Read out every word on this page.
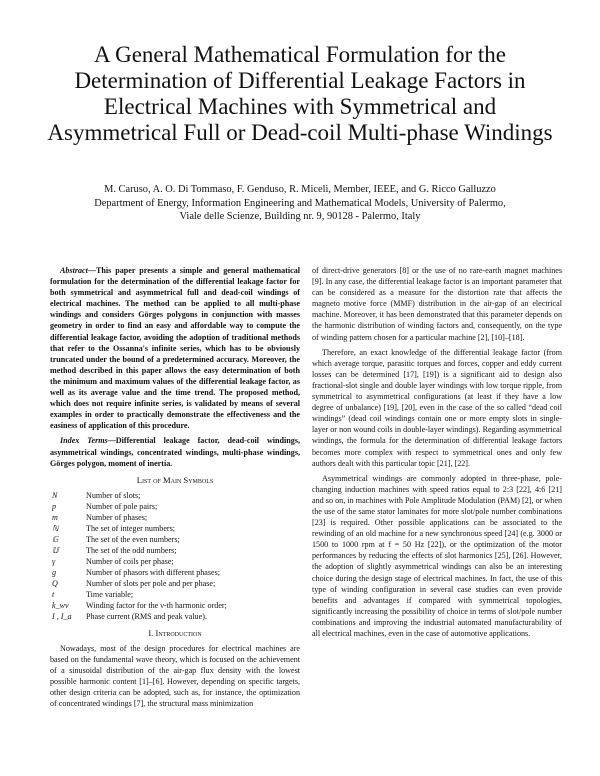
A General Mathematical Formulation for the Determination of Differential Leakage Factors in Electrical Machines with Symmetrical and Asymmetrical Full or Dead-coil Multi-phase Windings
M. Caruso, A. O. Di Tommaso, F. Genduso, R. Miceli, Member, IEEE, and G. Ricco Galluzzo
Department of Energy, Information Engineering and Mathematical Models, University of Palermo,
Viale delle Scienze, Building nr. 9, 90128 - Palermo, Italy

Abstract—This paper presents a simple and general mathematical formulation for the determination of the differential leakage factor for both symmetrical and asymmetrical full and dead-coil windings of electrical machines. The method can be applied to all multi-phase windings and considers Görges polygons in conjunction with masses geometry in order to find an easy and affordable way to compute the differential leakage factor, avoiding the adoption of traditional methods that refer to the Ossanna's infinite series, which has to be obviously truncated under the bound of a predetermined accuracy. Moreover, the method described in this paper allows the easy determination of both the minimum and maximum values of the differential leakage factor, as well as its average value and the time trend. The proposed method, which does not require infinite series, is validated by means of several examples in order to practically demonstrate the effectiveness and the easiness of application of this procedure.

Index Terms—Differential leakage factor, dead-coil windings, asymmetrical windings, concentrated windings, multi-phase windings, Görges polygon, moment of inertia.

List of Main Symbols
N	Number of slots;
p	Number of pole pairs;
m	Number of phases;
ℕ	The set of integer numbers;
𝔾	The set of the even numbers;
𝕌	The set of the odd numbers;
γ	Number of coils per phase;
g	Number of phasors with different phases;
Q	Number of slots per pole and per phase;
t	Time variable;
k_wν	Winding factor for the ν-th harmonic order;
I , I_a	Phase current (RMS and peak value).
I. Introduction

Nowadays, most of the design procedures for electrical machines are based on the fundamental wave theory, which is focused on the achievement of a sinusoidal distribution of the air-gap flux density with the lowest possible harmonic content [1]–[6]. However, depending on specific targets, other design criteria can be adopted, such as, for instance, the optimization of concentrated windings [7], the structural mass minimization

of direct-drive generators [8] or the use of no rare-earth magnet machines [9]. In any case, the differential leakage factor is an important parameter that can be considered as a measure for the distortion rate that affects the magneto motive force (MMF) distribution in the air-gap of an electrical machine. Moreover, it has been demonstrated that this parameter depends on the harmonic distribution of winding factors and, consequently, on the type of winding pattern chosen for a particular machine [2], [10]–[18].

Therefore, an exact knowledge of the differential leakage factor (from which average torque, parasitic torques and forces, copper and eddy current losses can be determined [17], [19]) is a significant aid to design also fractional-slot single and double layer windings with low torque ripple, from symmetrical to asymmetrical configurations (at least if they have a low degree of unbalance) [19], [20], even in the case of the so called “dead coil windings” (dead coil windings contain one or more empty slots in single-layer or non wound coils in double-layer windings). Regarding asymmetrical windings, the formula for the determination of differential leakage factors becomes more complex with respect to symmetrical ones and only few authors dealt with this particular topic [21], [22].

Asymmetrical windings are commonly adopted in three-phase, pole-changing induction machines with speed ratios equal to 2:3 [22], 4:6 [21] and so on, in machines with Pole Amplitude Modulation (PAM) [2], or when the use of the same stator laminates for more slot/pole number combinations [23] is required. Other possible applications can be associated to the rewinding of an old machine for a new synchronous speed [24] (e.g. 3000 or 1500 to 1000 rpm at f = 50 Hz [22]), or the optimization of the motor performances by reducing the effects of slot harmonics [25], [26]. However, the adoption of slightly asymmetrical windings can also be an interesting choice during the design stage of electrical machines. In fact, the use of this type of winding configuration in several case studies can even provide benefits and advantages if compared with symmetrical topologies, significantly increasing the possibility of choice in terms of slot/pole number combinations and improving the industrial automated manufacturability of all electrical machines, even in the case of automotive applications.
